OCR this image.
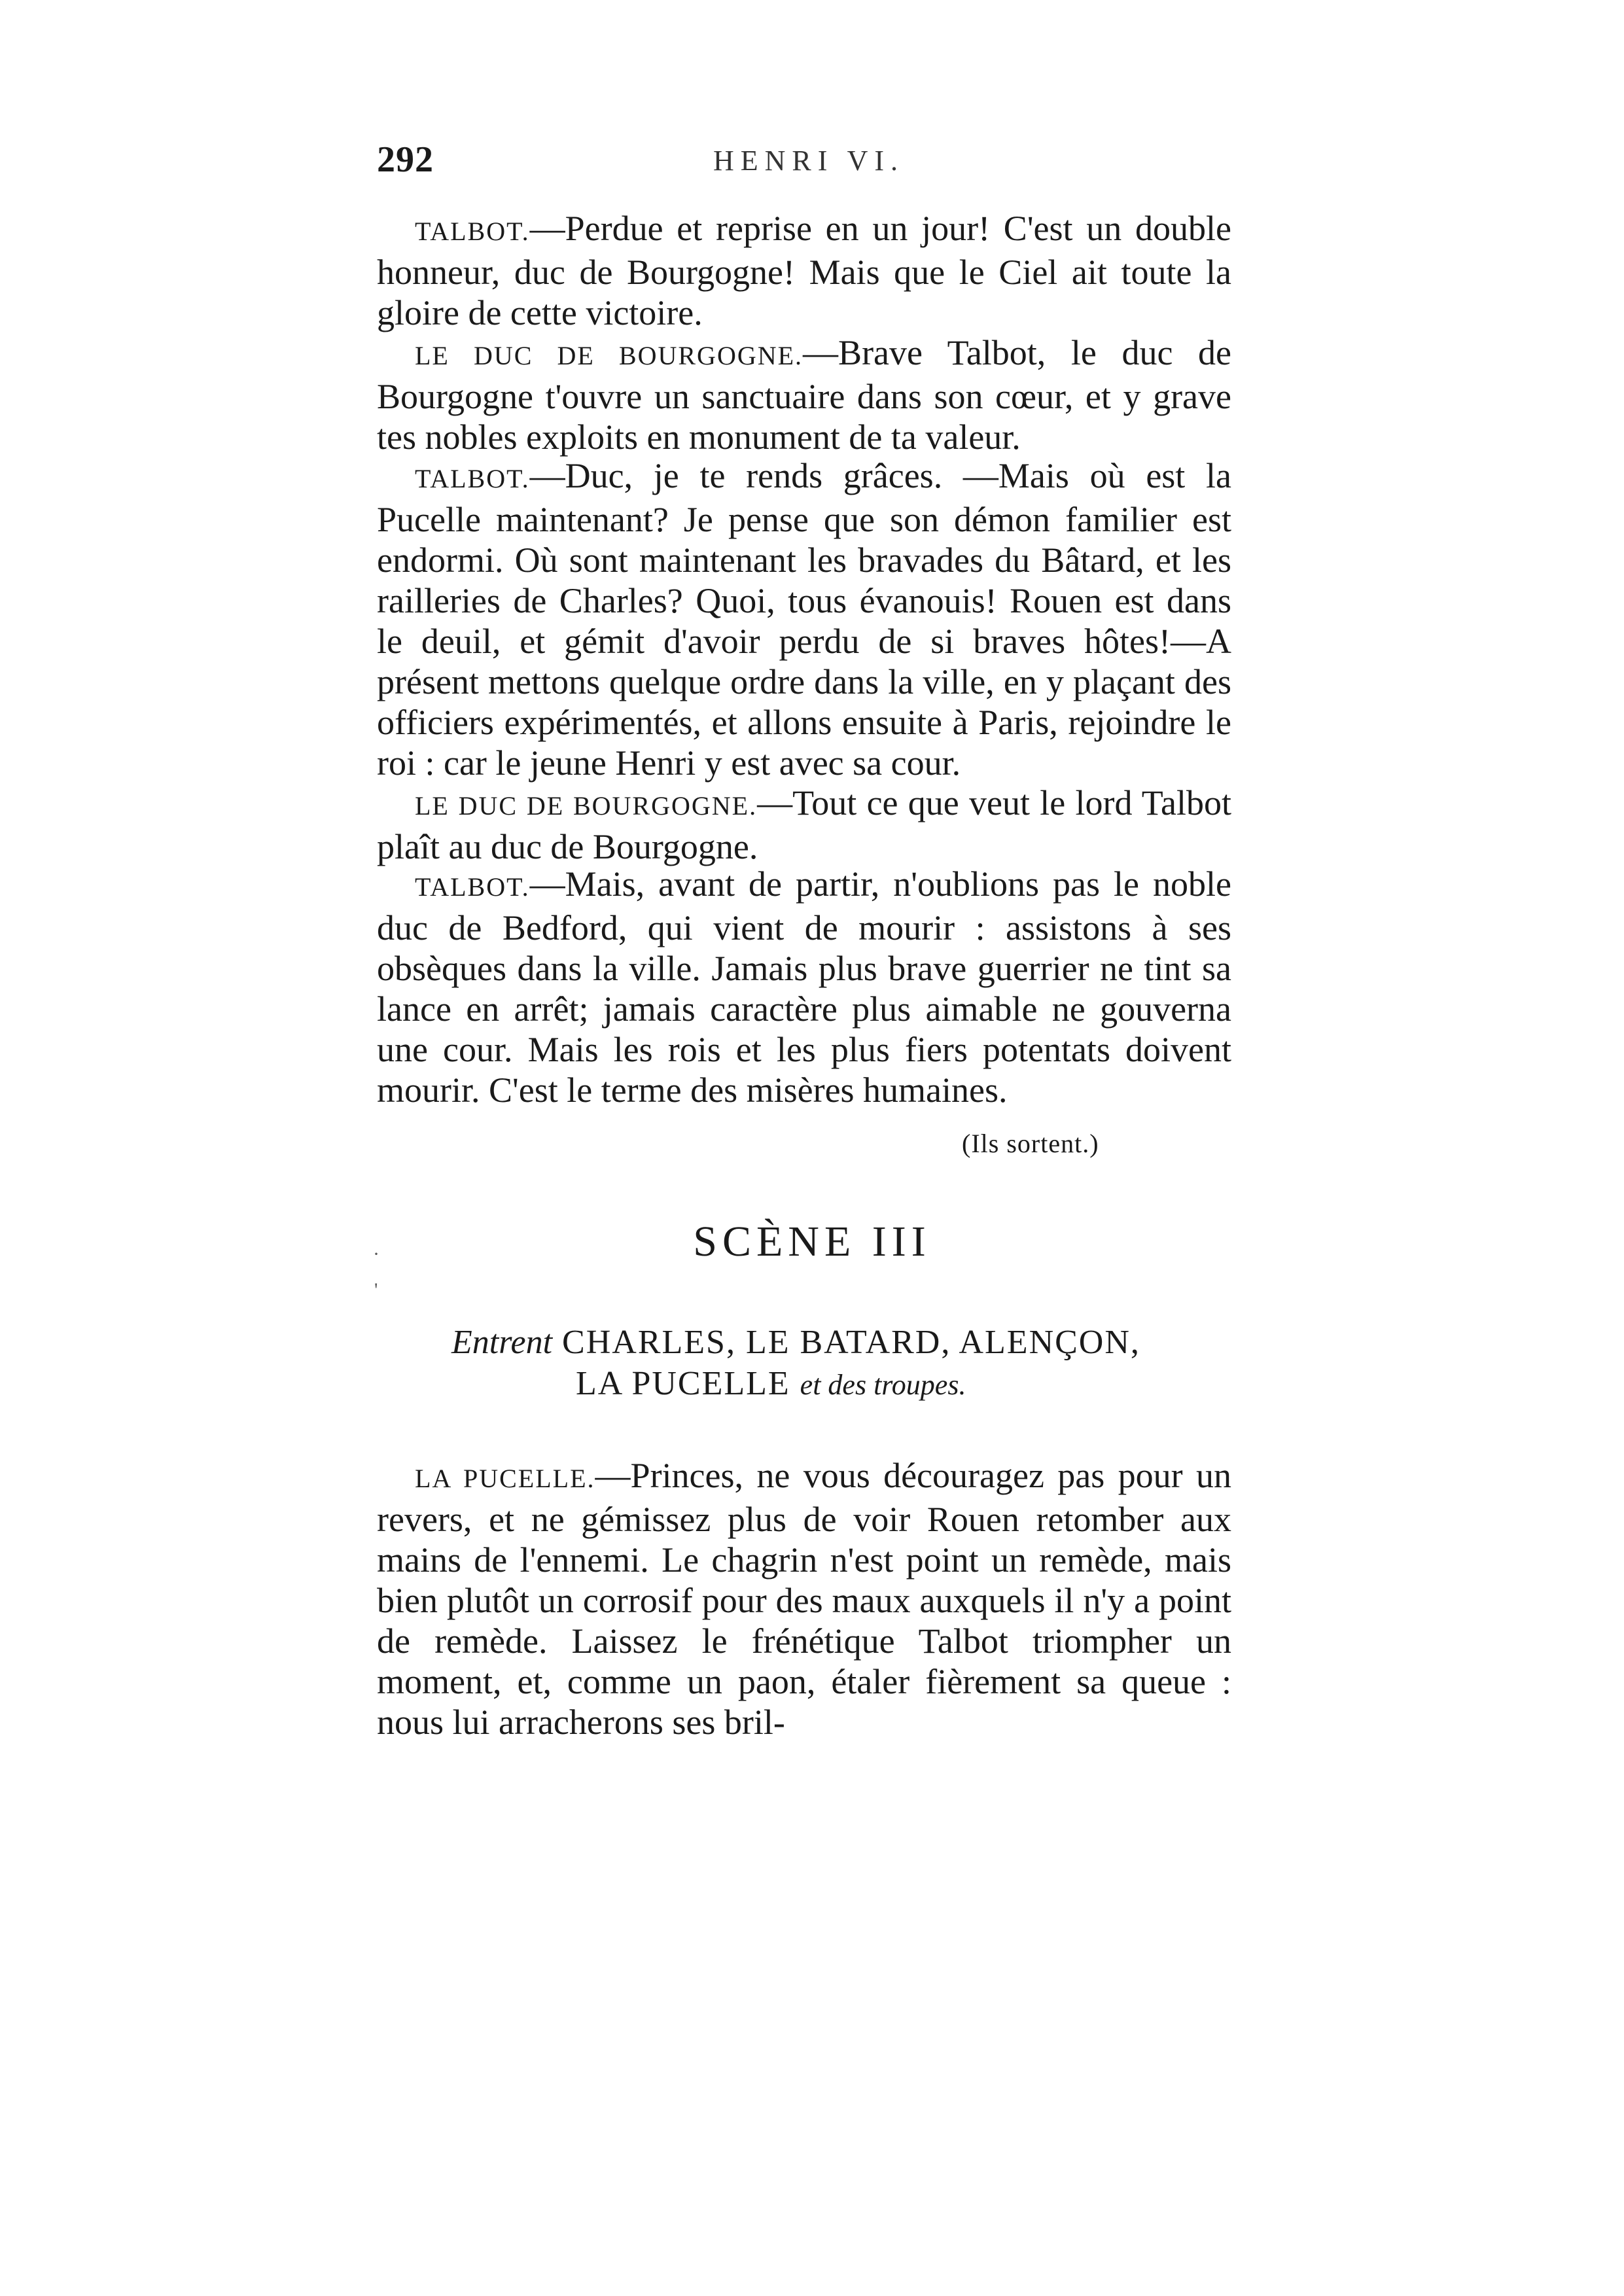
292	HENRI VI.

TALBOT.—Perdue et reprise en un jour! C'est un double honneur, duc de Bourgogne! Mais que le Ciel ait toute la gloire de cette victoire.

LE DUC DE BOURGOGNE.—Brave Talbot, le duc de Bourgogne t'ouvre un sanctuaire dans son cœur, et y grave tes nobles exploits en monument de ta valeur.

TALBOT.—Duc, je te rends grâces. —Mais où est la Pucelle maintenant? Je pense que son démon familier est endormi. Où sont maintenant les bravades du Bâtard, et les railleries de Charles? Quoi, tous évanouis! Rouen est dans le deuil, et gémit d'avoir perdu de si braves hôtes!—A présent mettons quelque ordre dans la ville, en y plaçant des officiers expérimentés, et allons ensuite à Paris, rejoindre le roi : car le jeune Henri y est avec sa cour.

LE DUC DE BOURGOGNE.—Tout ce que veut le lord Talbot plaît au duc de Bourgogne.

TALBOT.—Mais, avant de partir, n'oublions pas le noble duc de Bedford, qui vient de mourir : assistons à ses obsèques dans la ville. Jamais plus brave guerrier ne tint sa lance en arrêt; jamais caractère plus aimable ne gouverna une cour. Mais les rois et les plus fiers potentats doivent mourir. C'est le terme des misères humaines.

(Ils sortent.)
·
'
SCÈNE III
Entrent CHARLES, LE BATARD, ALENÇON,
LA PUCELLE et des troupes.

LA PUCELLE.—Princes, ne vous découragez pas pour un revers, et ne gémissez plus de voir Rouen retomber aux mains de l'ennemi. Le chagrin n'est point un remède, mais bien plutôt un corrosif pour des maux auxquels il n'y a point de remède. Laissez le frénétique Talbot triompher un moment, et, comme un paon, étaler fièrement sa queue : nous lui arracherons ses bril-
